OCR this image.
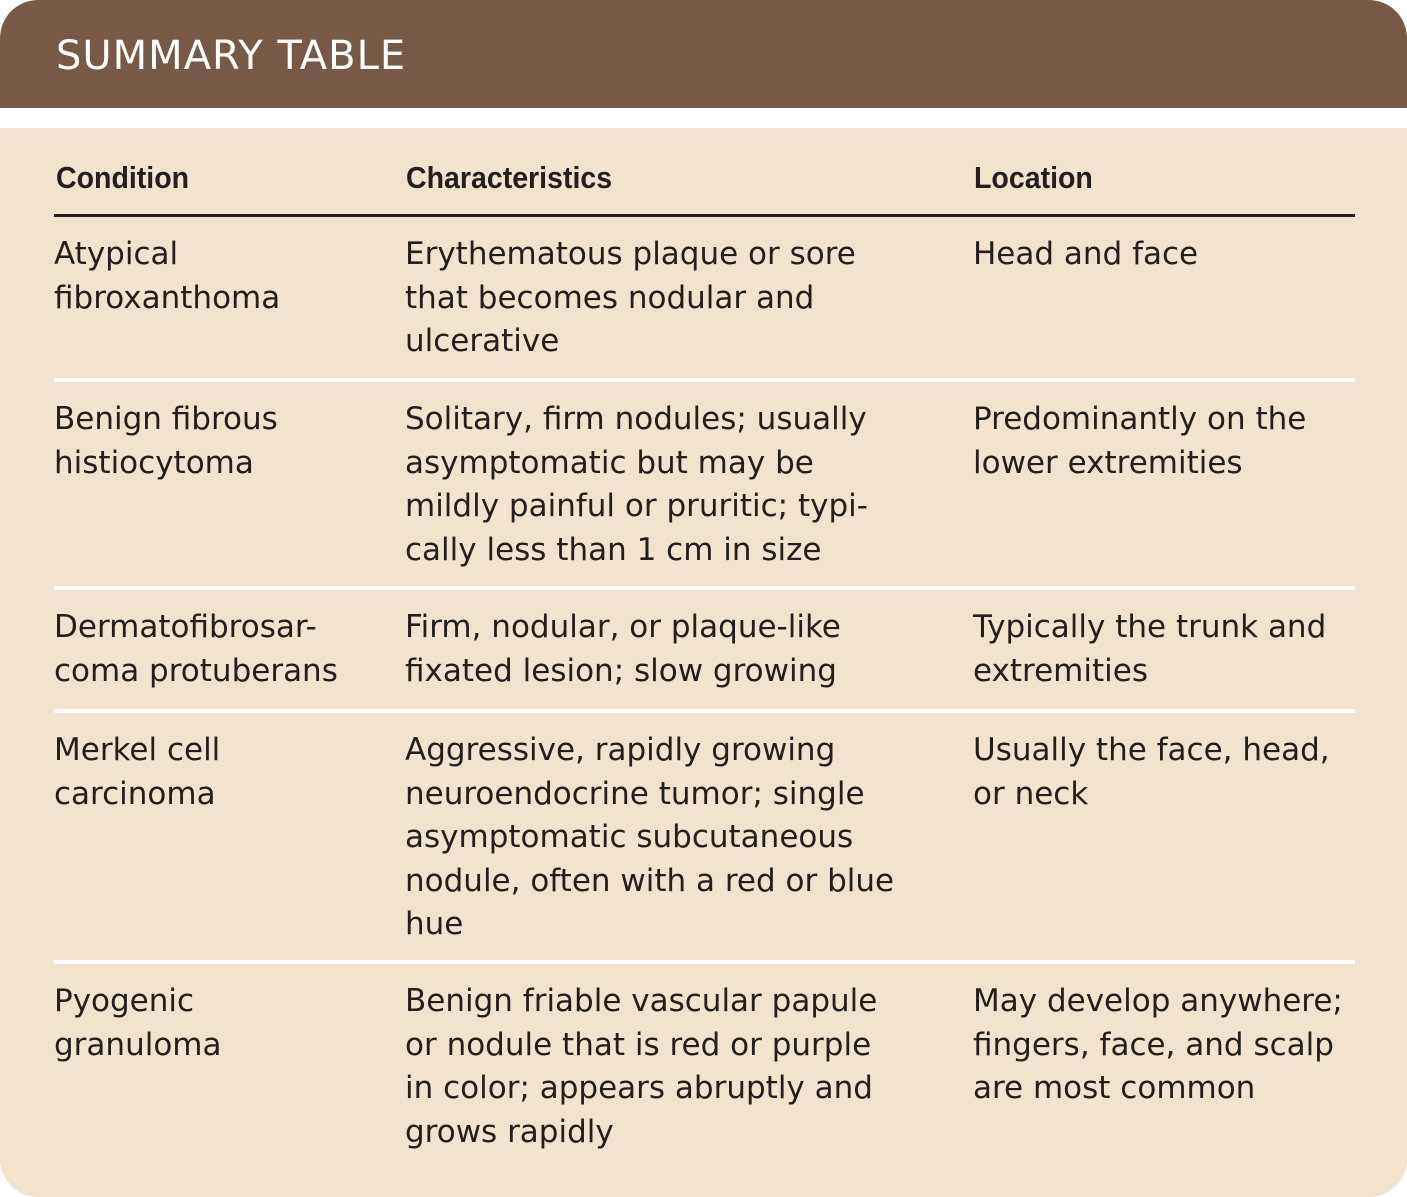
SUMMARY TABLE
Condition	Characteristics	Location
Atypical
fibroxanthoma
Erythematous plaque or sore
that becomes nodular and
ulcerative
Head and face
Benign fibrous
histiocytoma
Solitary, firm nodules; usually
asymptomatic but may be
mildly painful or pruritic; typi-
cally less than 1 cm in size
Predominantly on the
lower extremities
Dermatofibrosar-
coma protuberans
Firm, nodular, or plaque-like
fixated lesion; slow growing
Typically the trunk and
extremities
Merkel cell
carcinoma
Aggressive, rapidly growing
neuroendocrine tumor; single
asymptomatic subcutaneous
nodule, often with a red or blue
hue
Usually the face, head,
or neck
Pyogenic
granuloma
Benign friable vascular papule
or nodule that is red or purple
in color; appears abruptly and
grows rapidly
May develop anywhere;
fingers, face, and scalp
are most common
